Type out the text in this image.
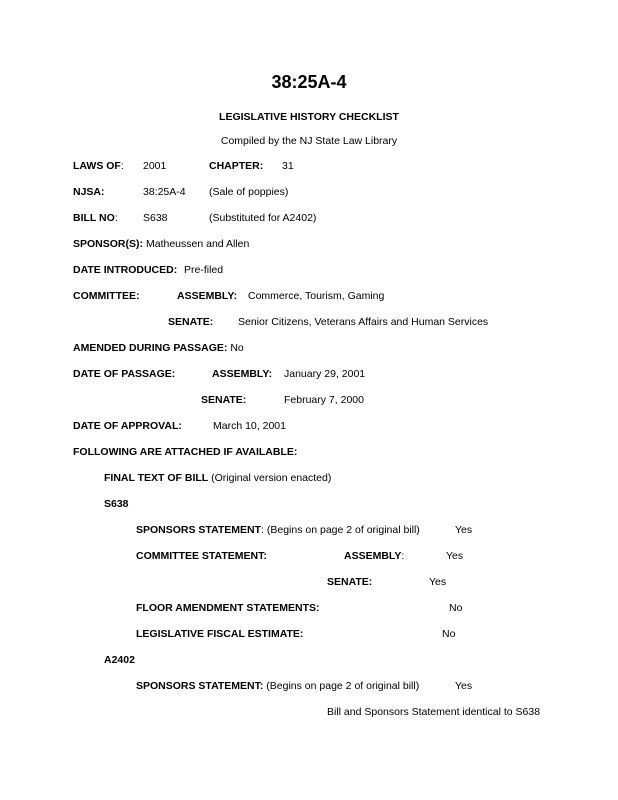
38:25A-4
LEGISLATIVE HISTORY CHECKLIST
Compiled by the NJ State Law Library
LAWS OF: 2001	CHAPTER: 31
NJSA:	38:25A-4 (Sale of poppies)
BILL NO: S638	(Substituted for A2402)
SPONSOR(S): Matheussen and Allen
DATE INTRODUCED: Pre-filed
COMMITTEE:	ASSEMBLY: Commerce, Tourism, Gaming
SENATE: Senior Citizens, Veterans Affairs and Human Services
AMENDED DURING PASSAGE: No
DATE OF PASSAGE:	ASSEMBLY: January 29, 2001
SENATE:	February 7, 2000
DATE OF APPROVAL:	March 10, 2001
FOLLOWING ARE ATTACHED IF AVAILABLE:
FINAL TEXT OF BILL (Original version enacted)
S638
SPONSORS STATEMENT: (Begins on page 2 of original bill)	Yes
COMMITTEE STATEMENT:	ASSEMBLY:	Yes
SENATE:	Yes
FLOOR AMENDMENT STATEMENTS:	No
LEGISLATIVE FISCAL ESTIMATE:	No
A2402
SPONSORS STATEMENT: (Begins on page 2 of original bill)	Yes
Bill and Sponsors Statement identical to S638
